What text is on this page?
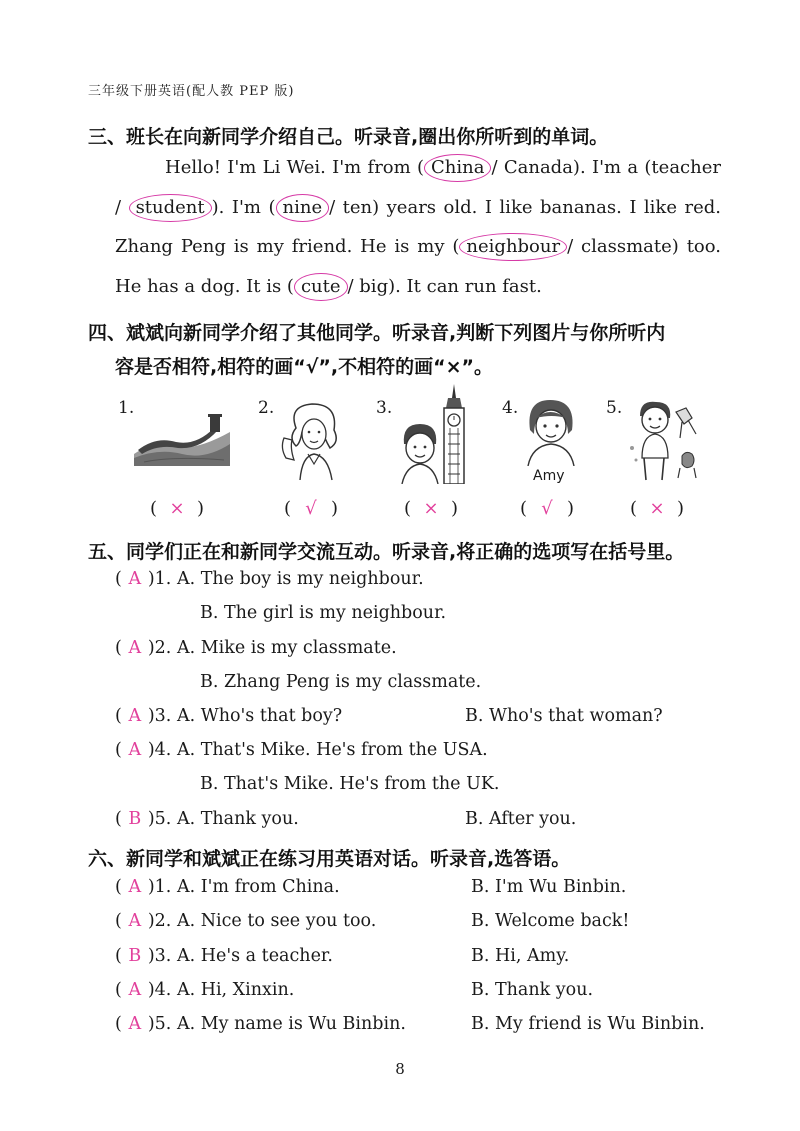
三年级下册英语(配人教 PEP 版)
三、班长在向新同学介绍自己。听录音,圈出你所听到的单词。
Hello! I'm Li Wei. I'm from ( China / Canada). I'm a (teacher / student ). I'm ( nine / ten) years old. I like bananas. I like red. Zhang Peng is my friend. He is my ( neighbour / classmate) too. He has a dog. It is ( cute / big). It can run fast.
四、斌斌向新同学介绍了其他同学。听录音,判断下列图片与你所听内
容是否相符,相符的画“√”,不相符的画“×”。
1.	2.	3.	4.	5.
Amy
( × )	( √ )	( × )	( √ )	( × )
五、同学们正在和新同学交流互动。听录音,将正确的选项写在括号里。
( A )1. A. The boy is my neighbour.
B. The girl is my neighbour.
( A )2. A. Mike is my classmate.
B. Zhang Peng is my classmate.
( A )3. A. Who's that boy?	B. Who's that woman?
( A )4. A. That's Mike. He's from the USA.
B. That's Mike. He's from the UK.
( B )5. A. Thank you.	B. After you.
六、新同学和斌斌正在练习用英语对话。听录音,选答语。
( A )1. A. I'm from China.	B. I'm Wu Binbin.
( A )2. A. Nice to see you too.	B. Welcome back!
( B )3. A. He's a teacher.	B. Hi, Amy.
( A )4. A. Hi, Xinxin.	B. Thank you.
( A )5. A. My name is Wu Binbin.	B. My friend is Wu Binbin.
8
